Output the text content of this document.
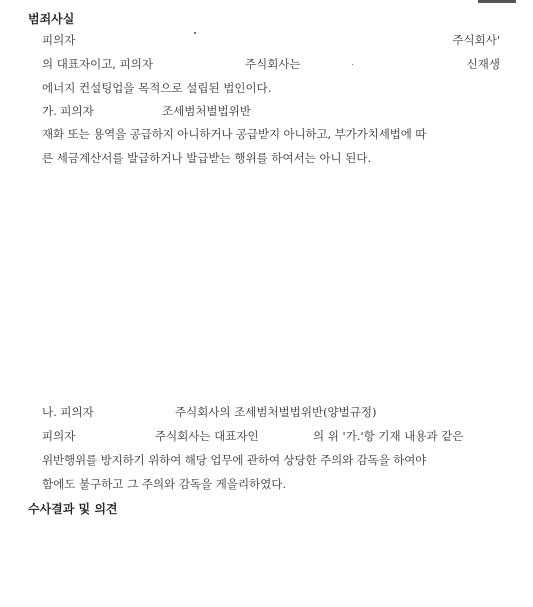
범죄사실
피의자	주식회사'
의 대표자이고, 피의자	주식회사는	신재생
에너지 컨설팅업을 목적으로 설립된 법인이다.
가. 피의자	조세범처벌법위반
재화 또는 용역을 공급하지 아니하거나 공급받지 아니하고, 부가가치세법에 따
른 세금계산서를 발급하거나 발급받는 행위를 하여서는 아니 된다.
나. 피의자	주식회사의 조세범처벌법위반(양벌규정)
피의자	주식회사는 대표자인	의 위 '가.'항 기재 내용과 같은
위반행위를 방지하기 위하여 해당 업무에 관하여 상당한 주의와 감독을 하여야
함에도 불구하고 그 주의와 감독을 게을리하였다.
수사결과 및 의견
